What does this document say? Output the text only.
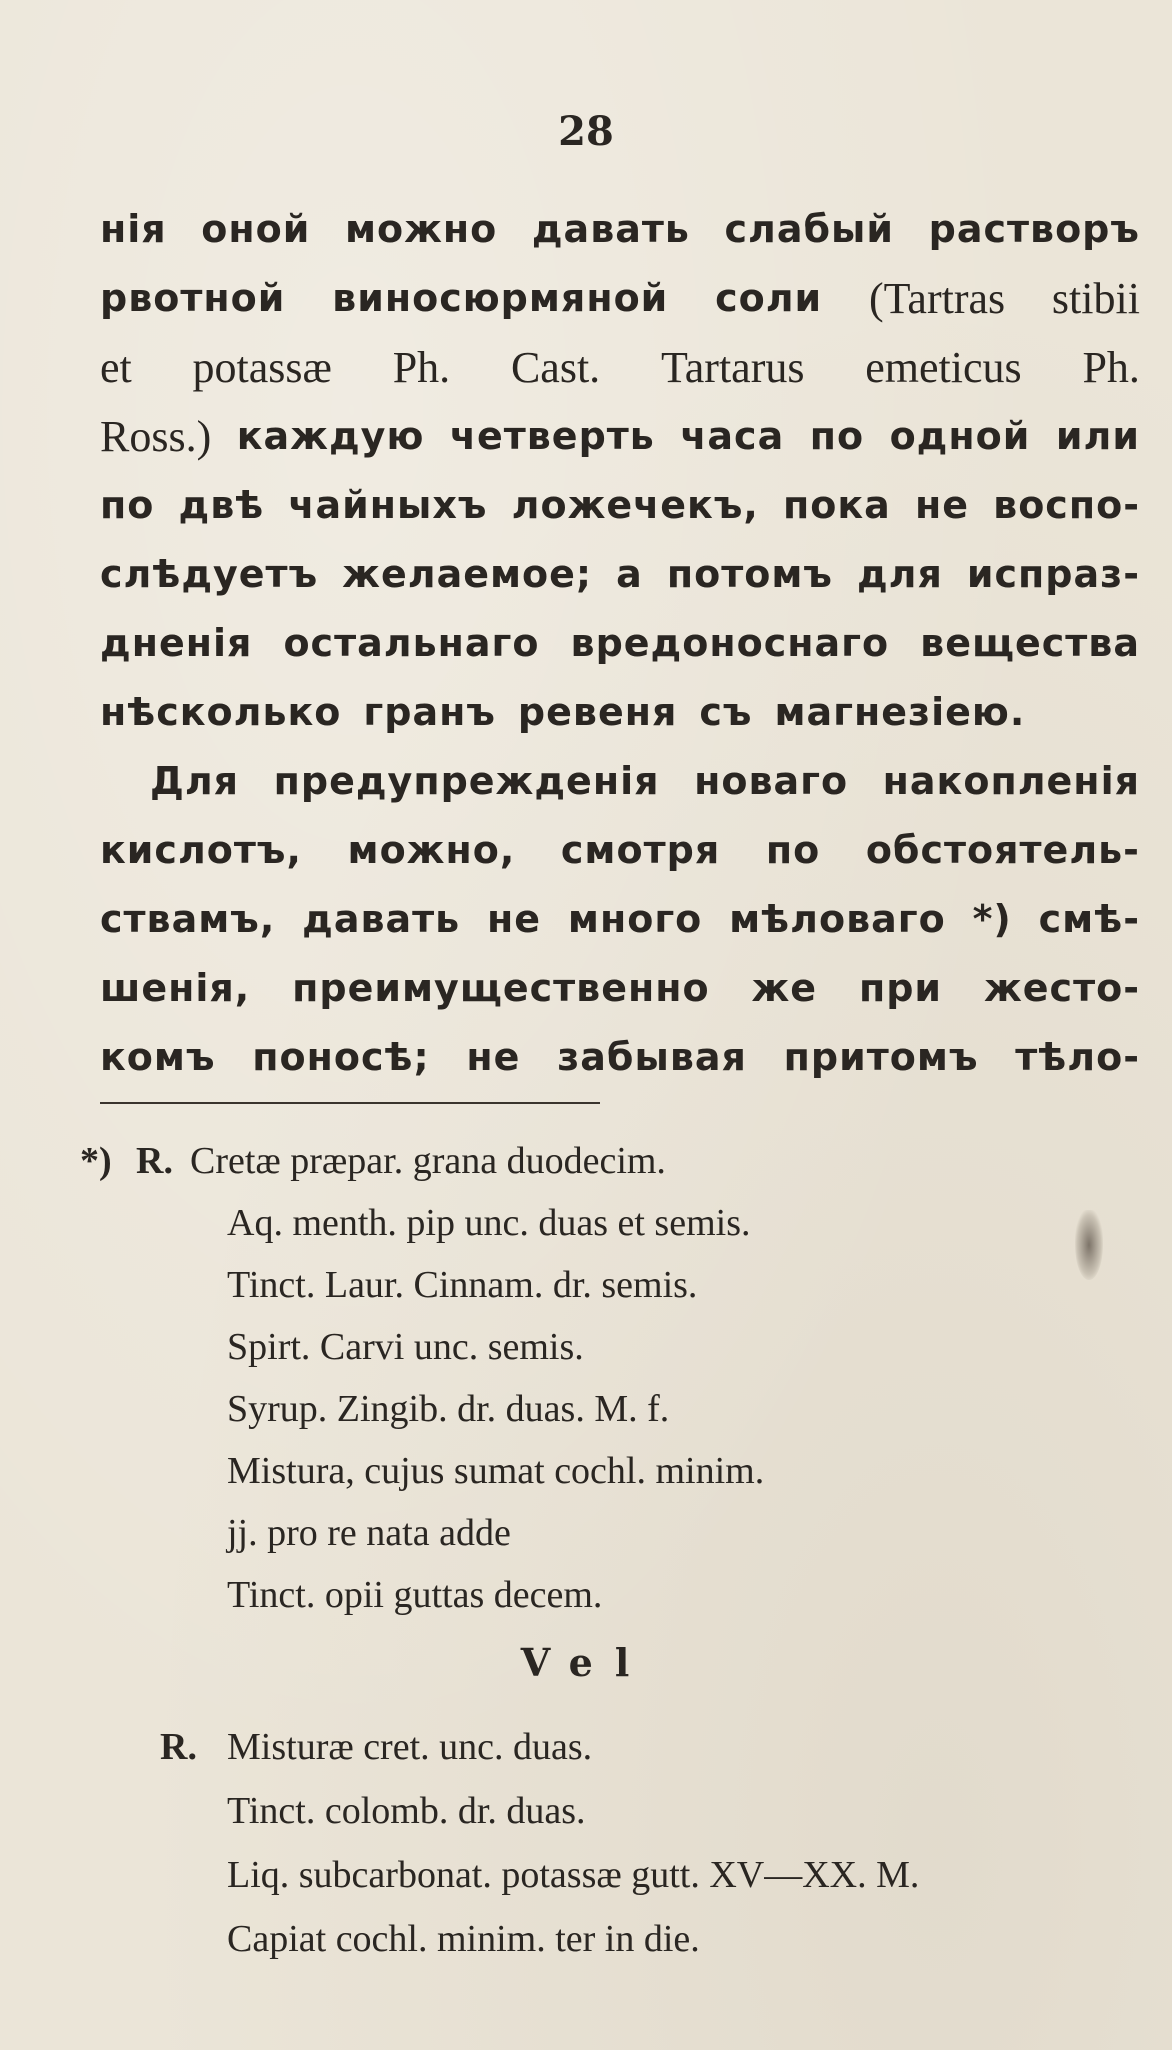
28
нія оной можно давать слабый растворъ
рвотной виносюрмяной соли (Tartras stibii
et potassæ Ph. Cast. Tartarus emeticus Ph.
Ross.) каждую четверть часа по одной или
по двѣ чайныхъ ложечекъ, пока не воспо-
слѣдуетъ желаемое; а потомъ для испраз-
дненія остальнаго вредоноснаго вещества
нѣсколько гранъ ревеня съ магнезіею.
Для предупрежденія новаго накопленія
кислотъ, можно, смотря по обстоятель-
ствамъ, давать не много мѣловаго *) смѣ-
шенія, преимущественно же при жесто-
комъ поносѣ; не забывая притомъ тѣло-
*) R. Cretæ præpar. grana duodecim.
Aq. menth. pip unc. duas et semis.
Tinct. Laur. Cinnam. dr. semis.
Spirt. Carvi unc. semis.
Syrup. Zingib. dr. duas. M. f.
Mistura, cujus sumat cochl. minim.
jj. pro re nata adde
Tinct. opii guttas decem.
Vel
R. Misturæ cret. unc. duas.
Tinct. colomb. dr. duas.
Liq. subcarbonat. potassæ gutt. XV—XX. M.
Capiat cochl. minim. ter in die.
